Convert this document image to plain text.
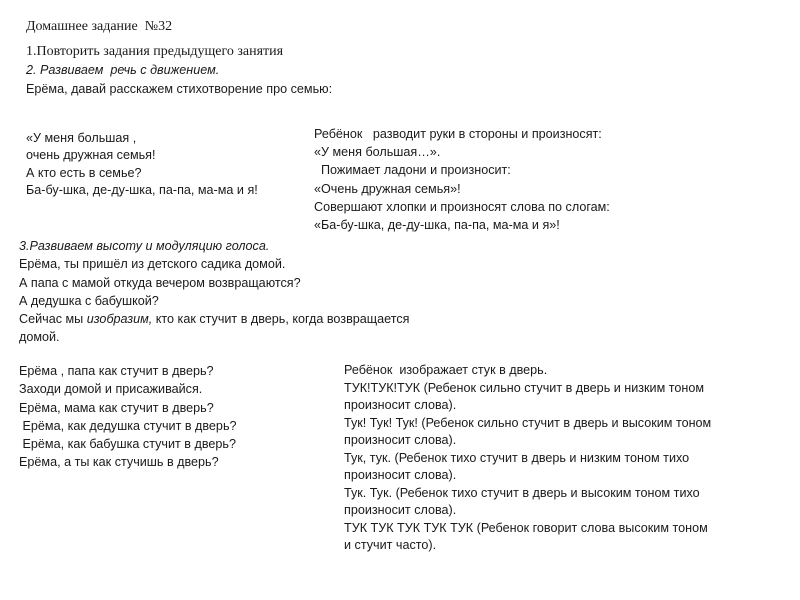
Домашнее задание  №32
1.Повторить задания предыдущего занятия
2. Развиваем  речь с движением.
Ерёма, давай расскажем стихотворение про семью:
«У меня большая ,
очень дружная семья!
А кто есть в семье?
Ба-бу-шка, де-ду-шка, па-па, ма-ма и я!
Ребёнок   разводит руки в стороны и произносят:
«У меня большая…».
Пожимает ладони и произносит:
«Очень дружная семья»!
Совершают хлопки и произносят слова по слогам:
«Ба-бу-шка, де-ду-шка, па-па, ма-ма и я»!
3.Развиваем высоту и модуляцию голоса.
Ерёма, ты пришёл из детского садика домой.
А папа с мамой откуда вечером возвращаются?
А дедушка с бабушкой?
Сейчас мы изобразим, кто как стучит в дверь, когда возвращается
домой.
Ерёма , папа как стучит в дверь?
Заходи домой и присаживайся.
Ерёма, мама как стучит в дверь?
Ерёма, как дедушка стучит в дверь?
Ерёма, как бабушка стучит в дверь?
Ерёма, а ты как стучишь в дверь?
Ребёнок  изображает стук в дверь.
ТУК!ТУК!ТУК (Ребенок сильно стучит в дверь и низким тоном
произносит слова).
Тук! Тук! Тук! (Ребенок сильно стучит в дверь и высоким тоном
произносит слова).
Тук, тук. (Ребенок тихо стучит в дверь и низким тоном тихо
произносит слова).
Тук. Тук. (Ребенок тихо стучит в дверь и высоким тоном тихо
произносит слова).
ТУК ТУК ТУК ТУК ТУК (Ребенок говорит слова высоким тоном
и стучит часто).
